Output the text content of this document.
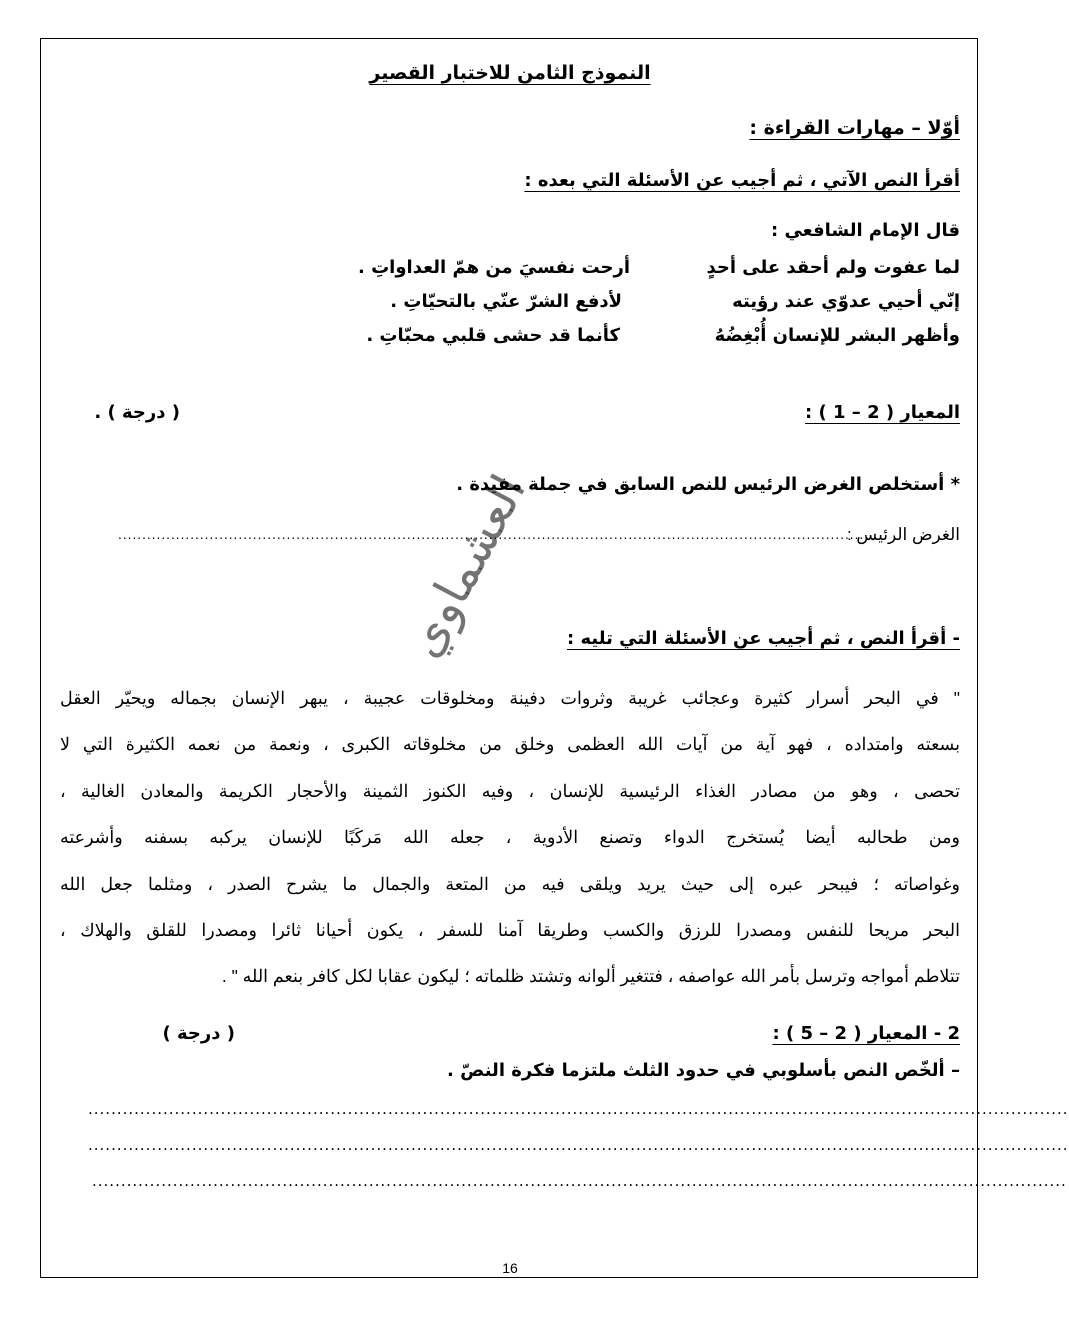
النموذج الثامن للاختبار القصير
أوّلا – مهارات القراءة :
أقرأ النص الآتي ، ثم أجيب عن الأسئلة التي بعده :
قال الإمام الشافعي :
لما عفوت ولم أحقد على أحدٍ
أرحت نفسيَ من همّ العداواتِ .
إنّي أحيي عدوّي عند رؤيته
لأدفع الشرّ عنّي بالتحيّاتِ .
وأظهر البشر للإنسان أُبْغِضُهُ
كأنما قد حشى قلبي محبّاتِ .
المعيار ( 2 – 1 ) :
( درجة ) .
* أستخلص الغرض الرئيس للنص السابق في جملة مفيدة .
الغرض الرئيس :
............................................................................................................................................................
العشماوي - أقرأ النص ، ثم أجيب عن الأسئلة التي تليه :
" في البحر أسرار كثيرة وعجائب غريبة وثروات دفينة ومخلوقات عجيبة ، يبهر الإنسان بجماله ويحيّر العقل
بسعته وامتداده ، فهو آية من آيات الله العظمى وخلق من مخلوقاته الكبرى ، ونعمة من نعمه الكثيرة التي لا
تحصى ، وهو من مصادر الغذاء الرئيسية للإنسان ، وفيه الكنوز الثمينة والأحجار الكريمة والمعادن الغالية ،
ومن طحالبه أيضا يُستخرج الدواء وتصنع الأدوية ، جعله الله مَركَبًا للإنسان يركبه بسفنه وأشرعته
وغواصاته ؛ فيبحر عبره إلى حيث يريد ويلقى فيه من المتعة والجمال ما يشرح الصدر ، ومثلما جعل الله
البحر مريحا للنفس ومصدرا للرزق والكسب وطريقا آمنا للسفر ، يكون أحيانا ثائرا ومصدرا للقلق والهلاك ،
تتلاطم أمواجه وترسل بأمر الله عواصفه ، فتتغير ألوانه وتشتد ظلماته ؛ ليكون عقابا لكل كافر بنعم الله " .
2 - المعيار ( 2 – 5 ) :
( درجة )
– ألخّص النص بأسلوبي في حدود الثلث ملتزما فكرة النصّ .
..........................................................................................................................................................................
..........................................................................................................................................................................
.........................................................................................................................................................................
16
